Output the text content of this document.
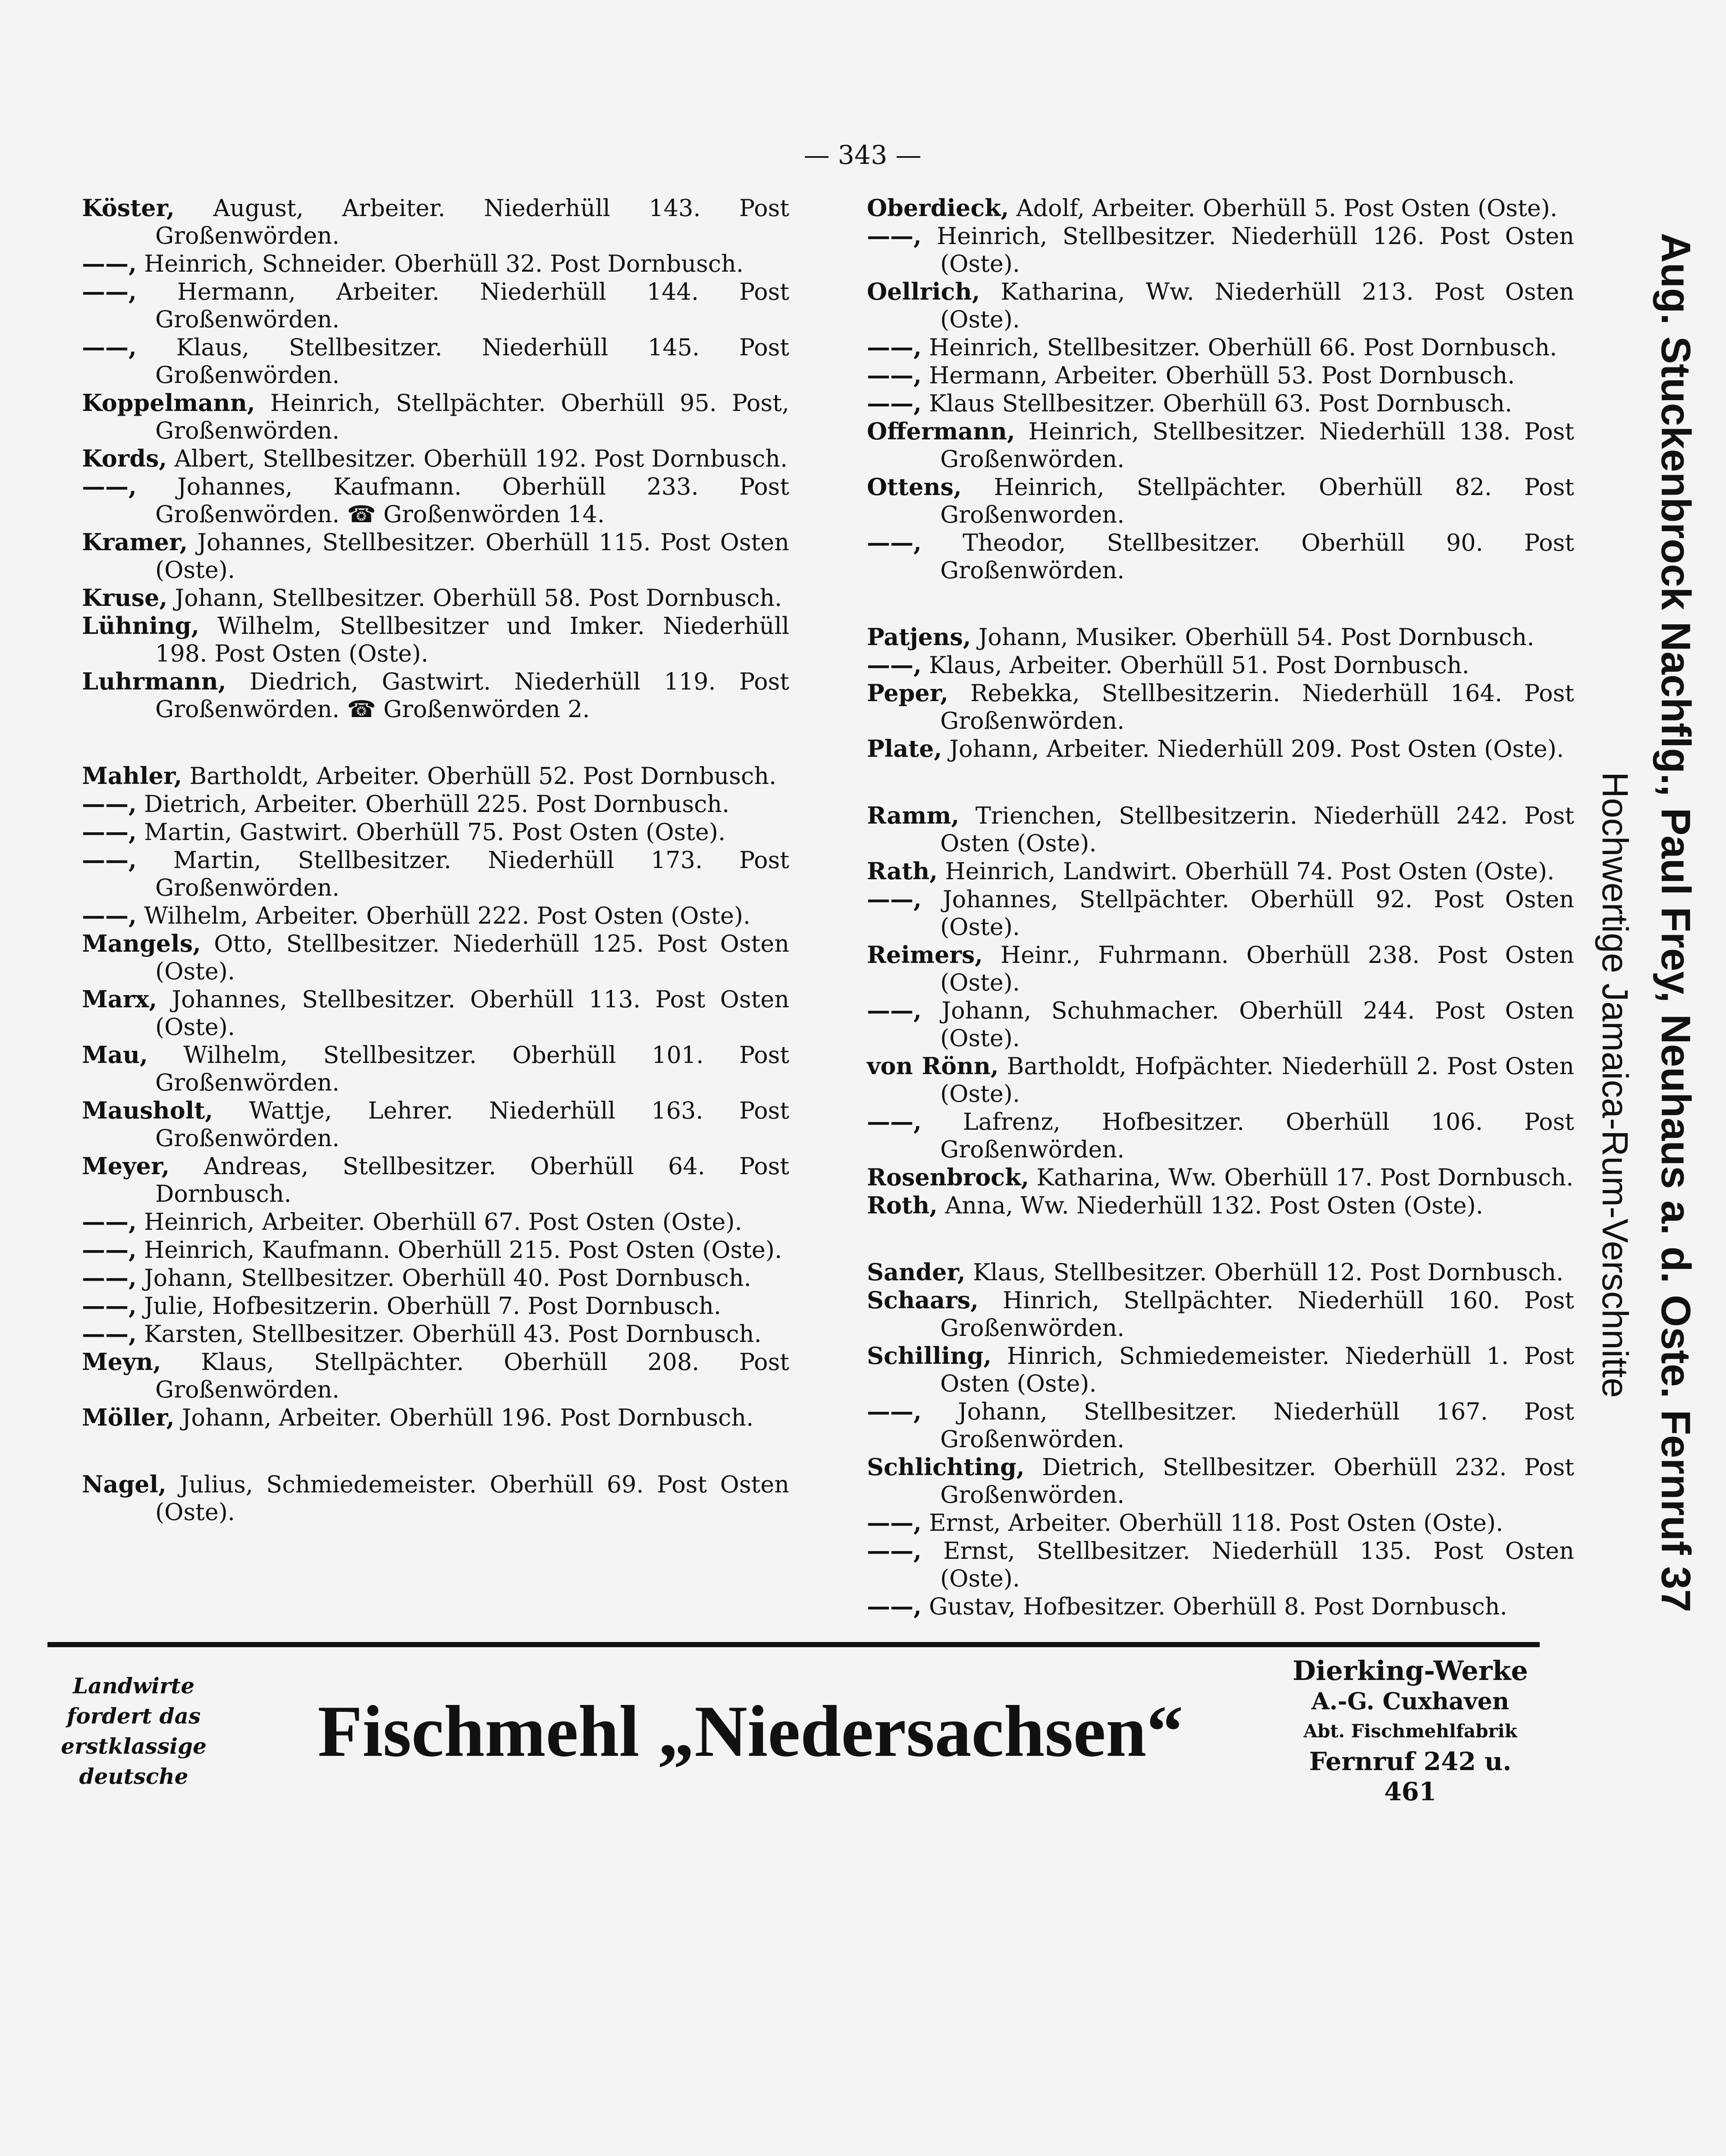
— 343 —
Köster, August, Arbeiter. Niederhüll 143. Post Großenwörden.
——, Heinrich, Schneider. Oberhüll 32. Post Dornbusch.
——, Hermann, Arbeiter. Niederhüll 144. Post Großenwörden.
——, Klaus, Stellbesitzer. Niederhüll 145. Post Großenwörden.
Koppelmann, Heinrich, Stellpächter. Oberhüll 95. Post, Großenwörden.
Kords, Albert, Stellbesitzer. Oberhüll 192. Post Dornbusch.
——, Johannes, Kaufmann. Oberhüll 233. Post Großenwörden. ☎ Großenwörden 14.
Kramer, Johannes, Stellbesitzer. Oberhüll 115. Post Osten (Oste).
Kruse, Johann, Stellbesitzer. Oberhüll 58. Post Dornbusch.
Lühning, Wilhelm, Stellbesitzer und Imker. Niederhüll 198. Post Osten (Oste).
Luhrmann, Diedrich, Gastwirt. Niederhüll 119. Post Großenwörden. ☎ Großenwörden 2.
Mahler, Bartholdt, Arbeiter. Oberhüll 52. Post Dornbusch.
——, Dietrich, Arbeiter. Oberhüll 225. Post Dornbusch.
——, Martin, Gastwirt. Oberhüll 75. Post Osten (Oste).
——, Martin, Stellbesitzer. Niederhüll 173. Post Großenwörden.
——, Wilhelm, Arbeiter. Oberhüll 222. Post Osten (Oste).
Mangels, Otto, Stellbesitzer. Niederhüll 125. Post Osten (Oste).
Marx, Johannes, Stellbesitzer. Oberhüll 113. Post Osten (Oste).
Mau, Wilhelm, Stellbesitzer. Oberhüll 101. Post Großenwörden.
Mausholt, Wattje, Lehrer. Niederhüll 163. Post Großenwörden.
Meyer, Andreas, Stellbesitzer. Oberhüll 64. Post Dornbusch.
——, Heinrich, Arbeiter. Oberhüll 67. Post Osten (Oste).
——, Heinrich, Kaufmann. Oberhüll 215. Post Osten (Oste).
——, Johann, Stellbesitzer. Oberhüll 40. Post Dornbusch.
——, Julie, Hofbesitzerin. Oberhüll 7. Post Dornbusch.
——, Karsten, Stellbesitzer. Oberhüll 43. Post Dornbusch.
Meyn, Klaus, Stellpächter. Oberhüll 208. Post Großenwörden.
Möller, Johann, Arbeiter. Oberhüll 196. Post Dornbusch.
Nagel, Julius, Schmiedemeister. Oberhüll 69. Post Osten (Oste).
Oberdieck, Adolf, Arbeiter. Oberhüll 5. Post Osten (Oste).
——, Heinrich, Stellbesitzer. Niederhüll 126. Post Osten (Oste).
Oellrich, Katharina, Ww. Niederhüll 213. Post Osten (Oste).
——, Heinrich, Stellbesitzer. Oberhüll 66. Post Dornbusch.
——, Hermann, Arbeiter. Oberhüll 53. Post Dornbusch.
——, Klaus Stellbesitzer. Oberhüll 63. Post Dornbusch.
Offermann, Heinrich, Stellbesitzer. Niederhüll 138. Post Großenwörden.
Ottens, Heinrich, Stellpächter. Oberhüll 82. Post Großenworden.
——, Theodor, Stellbesitzer. Oberhüll 90. Post Großenwörden.
Patjens, Johann, Musiker. Oberhüll 54. Post Dornbusch.
——, Klaus, Arbeiter. Oberhüll 51. Post Dornbusch.
Peper, Rebekka, Stellbesitzerin. Niederhüll 164. Post Großenwörden.
Plate, Johann, Arbeiter. Niederhüll 209. Post Osten (Oste).
Ramm, Trienchen, Stellbesitzerin. Niederhüll 242. Post Osten (Oste).
Rath, Heinrich, Landwirt. Oberhüll 74. Post Osten (Oste).
——, Johannes, Stellpächter. Oberhüll 92. Post Osten (Oste).
Reimers, Heinr., Fuhrmann. Oberhüll 238. Post Osten (Oste).
——, Johann, Schuhmacher. Oberhüll 244. Post Osten (Oste).
von Rönn, Bartholdt, Hofpächter. Niederhüll 2. Post Osten (Oste).
——, Lafrenz, Hofbesitzer. Oberhüll 106. Post Großenwörden.
Rosenbrock, Katharina, Ww. Oberhüll 17. Post Dornbusch.
Roth, Anna, Ww. Niederhüll 132. Post Osten (Oste).
Sander, Klaus, Stellbesitzer. Oberhüll 12. Post Dornbusch.
Schaars, Hinrich, Stellpächter. Niederhüll 160. Post Großenwörden.
Schilling, Hinrich, Schmiedemeister. Niederhüll 1. Post Osten (Oste).
——, Johann, Stellbesitzer. Niederhüll 167. Post Großenwörden.
Schlichting, Dietrich, Stellbesitzer. Oberhüll 232. Post Großenwörden.
——, Ernst, Arbeiter. Oberhüll 118. Post Osten (Oste).
——, Ernst, Stellbesitzer. Niederhüll 135. Post Osten (Oste).
——, Gustav, Hofbesitzer. Oberhüll 8. Post Dornbusch.
Landwirte
fordert das
erstklassige
deutsche
Fischmehl „Niedersachsen“
Dierking-Werke
A.-G. Cuxhaven
Abt. Fischmehlfabrik
Fernruf 242 u. 461
Aug. Stuckenbrock Nachflg., Paul Frey, Neuhaus a. d. Oste. Fernruf 37
Hochwertige Jamaica-Rum-Verschnitte
